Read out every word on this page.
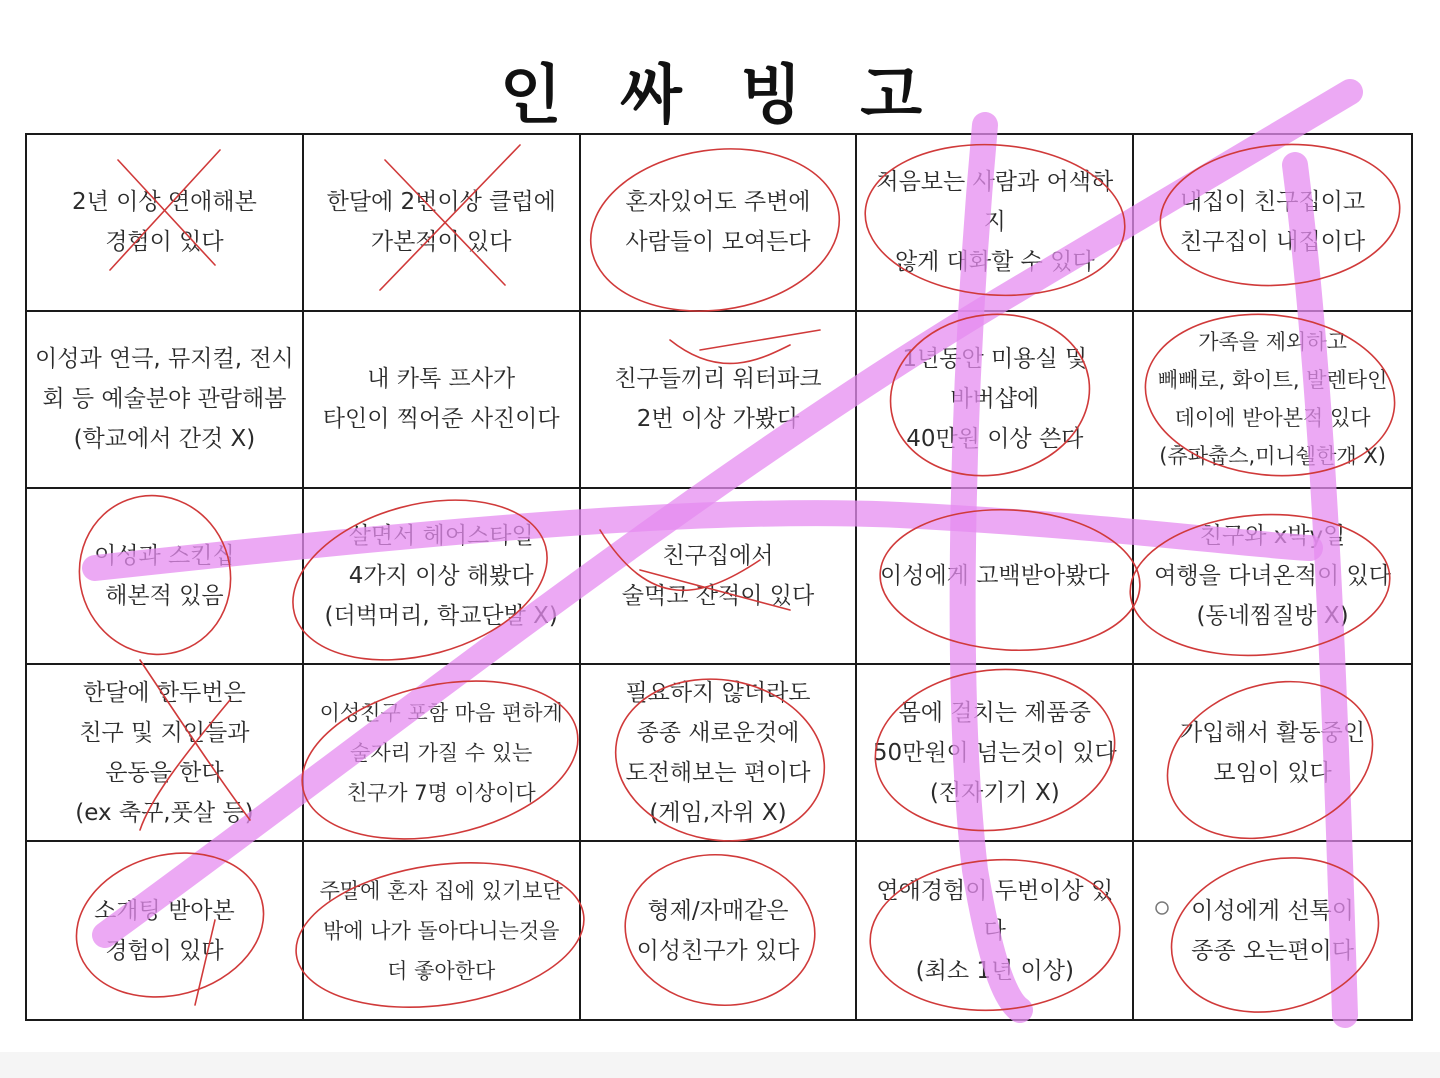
인 싸 빙 고
2년 이상 연애해본
경험이 있다
한달에 2번이상 클럽에
가본적이 있다
혼자있어도 주변에
사람들이 모여든다
처음보는 사람과 어색하지
않게 대화할 수 있다
내집이 친구집이고
친구집이 내집이다
이성과 연극, 뮤지컬, 전시
회 등 예술분야 관람해봄
(학교에서 간것 X)
내 카톡 프사가
타인이 찍어준 사진이다
친구들끼리 워터파크
2번 이상 가봤다
1년동안 미용실 및
바버샵에
40만원 이상 쓴다
가족을 제외하고
빼빼로, 화이트, 발렌타인
데이에 받아본적 있다
(츄파춥스,미니쉘한개 X)
이성과 스킨십
해본적 있음
살면서 헤어스타일
4가지 이상 해봤다
(더벅머리, 학교단발 X)
친구집에서
술먹고 잔적이 있다
이성에게 고백받아봤다
친구와 x박y일
여행을 다녀온적이 있다
(동네찜질방 X)
한달에 한두번은
친구 및 지인들과
운동을 한다
(ex 축구,풋살 등)
이성친구 포함 마음 편하게
술자리 가질 수 있는
친구가 7명 이상이다
필요하지 않더라도
종종 새로운것에
도전해보는 편이다
(게임,자위 X)
몸에 걸치는 제품중
50만원이 넘는것이 있다
(전자기기 X)
가입해서 활동중인
모임이 있다
소개팅 받아본
경험이 있다
주말에 혼자 집에 있기보단
밖에 나가 돌아다니는것을
더 좋아한다
형제/자매같은
이성친구가 있다
연애경험이 두번이상 있다
(최소 1년 이상)
이성에게 선톡이
종종 오는편이다
